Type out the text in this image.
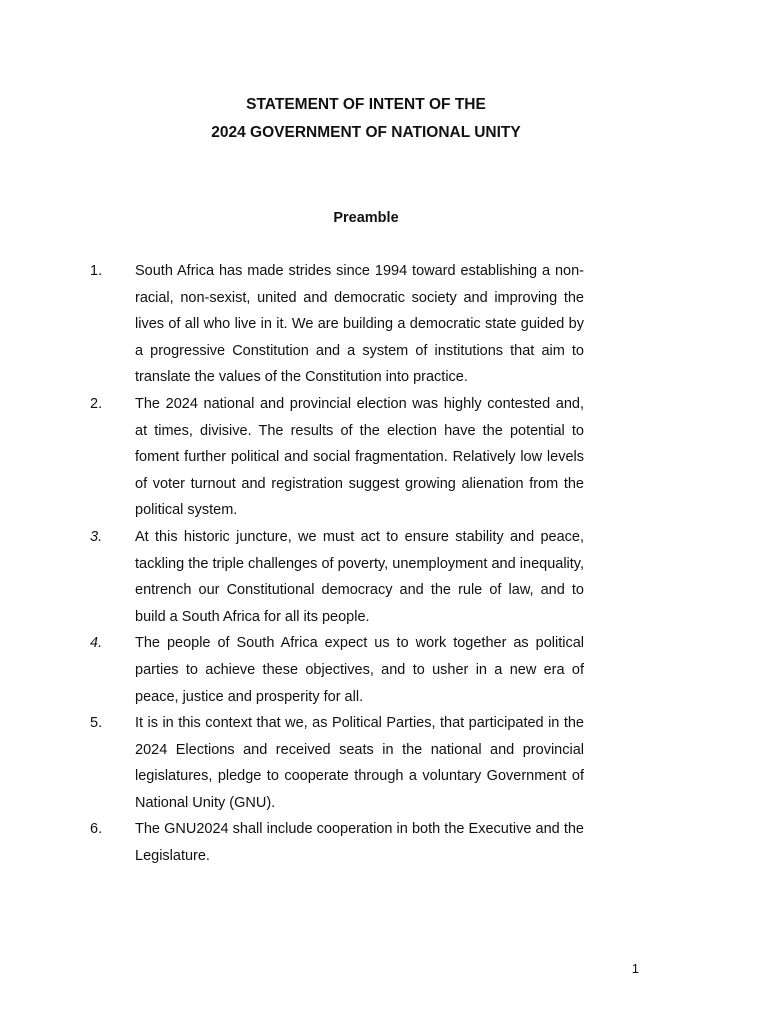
STATEMENT OF INTENT OF THE
2024 GOVERNMENT OF NATIONAL UNITY
Preamble
1.	South Africa has made strides since 1994 toward establishing a non-racial, non-sexist, united and democratic society and improving the lives of all who live in it. We are building a democratic state guided by a progressive Constitution and a system of institutions that aim to translate the values of the Constitution into practice.
2.	The 2024 national and provincial election was highly contested and, at times, divisive. The results of the election have the potential to foment further political and social fragmentation. Relatively low levels of voter turnout and registration suggest growing alienation from the political system.
3.	At this historic juncture, we must act to ensure stability and peace, tackling the triple challenges of poverty, unemployment and inequality, entrench our Constitutional democracy and the rule of law, and to build a South Africa for all its people.
4.	The people of South Africa expect us to work together as political parties to achieve these objectives, and to usher in a new era of peace, justice and prosperity for all.
5.	It is in this context that we, as Political Parties, that participated in the 2024 Elections and received seats in the national and provincial legislatures, pledge to cooperate through a voluntary Government of National Unity (GNU).
6.	The GNU2024 shall include cooperation in both the Executive and the Legislature.
1
